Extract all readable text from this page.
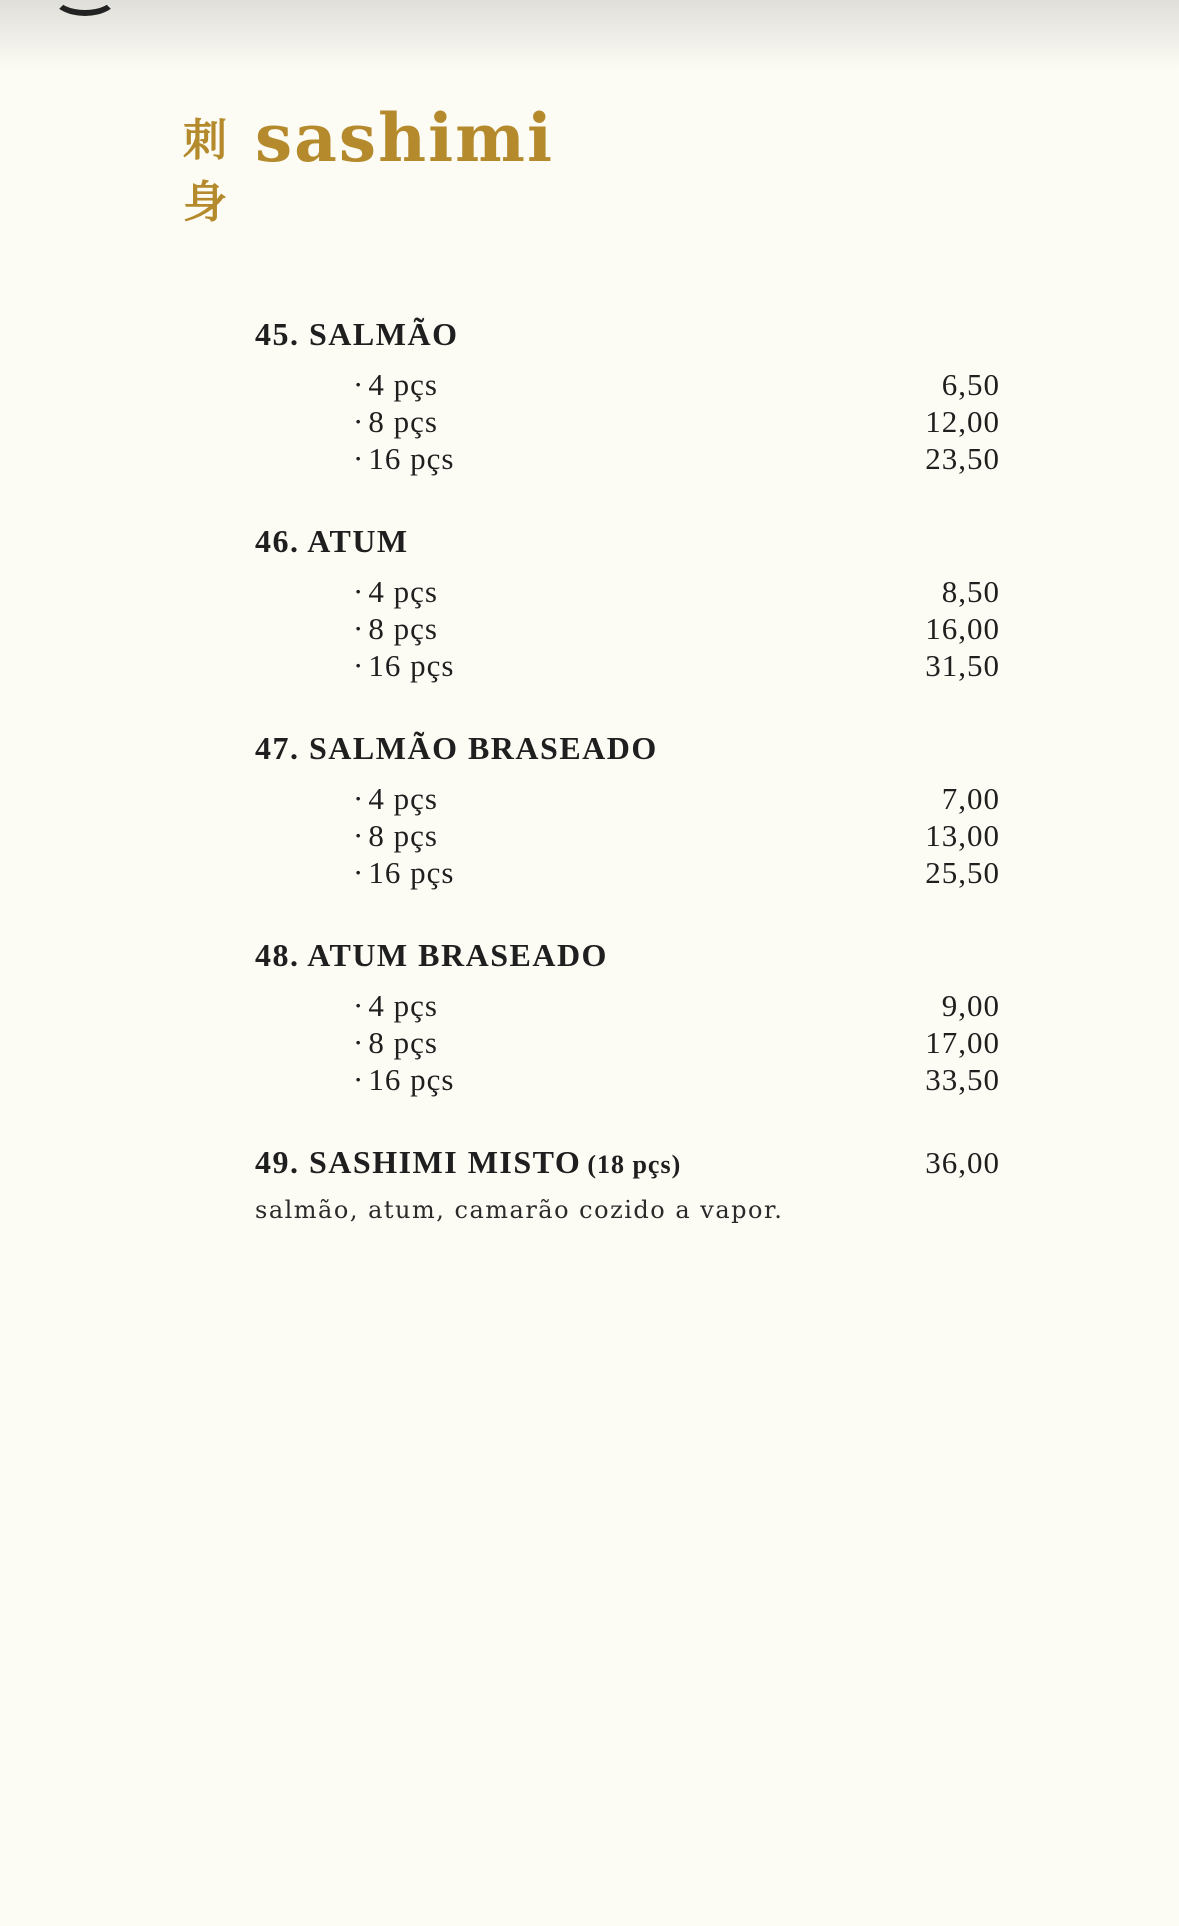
刺
身
sashimi
45. SALMÃO
· 4 pçs	6,50
· 8 pçs	12,00
· 16 pçs	23,50
46. ATUM
· 4 pçs	8,50
· 8 pçs	16,00
· 16 pçs	31,50
47. SALMÃO BRASEADO
· 4 pçs	7,00
· 8 pçs	13,00
· 16 pçs	25,50
48. ATUM BRASEADO
· 4 pçs	9,00
· 8 pçs	17,00
· 16 pçs	33,50
49. SASHIMI MISTO (18 pçs)	36,00
salmão, atum, camarão cozido a vapor.
